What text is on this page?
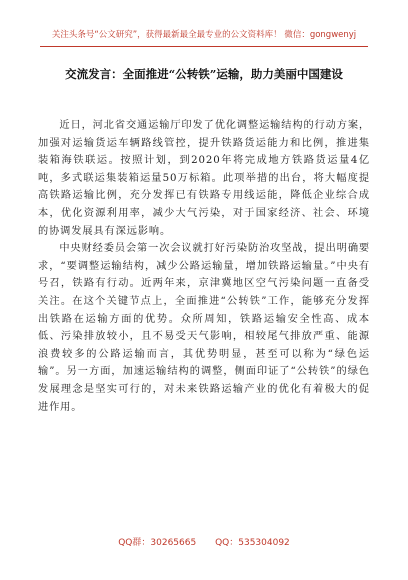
关注头条号“公文研究”，获得最新最全最专业的公文资料库！ 微信：gongwenyj
交流发言：全面推进“公转铁”运输，助力美丽中国建设

近日，河北省交通运输厅印发了优化调整运输结构的行动方案，加强对运输货运车辆路线管控，提升铁路货运能力和比例，推进集装箱海铁联运。按照计划，到2020年将完成地方铁路货运量4亿吨，多式联运集装箱运量50万标箱。此项举措的出台，将大幅度提高铁路运输比例，充分发挥已有铁路专用线运能，降低企业综合成本，优化资源利用率，减少大气污染，对于国家经济、社会、环境的协调发展具有深远影响。

中央财经委员会第一次会议就打好污染防治攻坚战，提出明确要求，“要调整运输结构，减少公路运输量，增加铁路运输量。”中央有号召，铁路有行动。近两年来，京津冀地区空气污染问题一直备受关注。在这个关键节点上，全面推进“公转铁”工作，能够充分发挥出铁路在运输方面的优势。众所周知，铁路运输安全性高、成本低、污染排放较小，且不易受天气影响，相较尾气排放严重、能源浪费较多的公路运输而言，其优势明显，甚至可以称为“绿色运输”。另一方面，加速运输结构的调整，侧面印证了“公转铁”的绿色发展理念是坚实可行的，对未来铁路运输产业的优化有着极大的促进作用。

QQ群：30265665 QQ：535304092
